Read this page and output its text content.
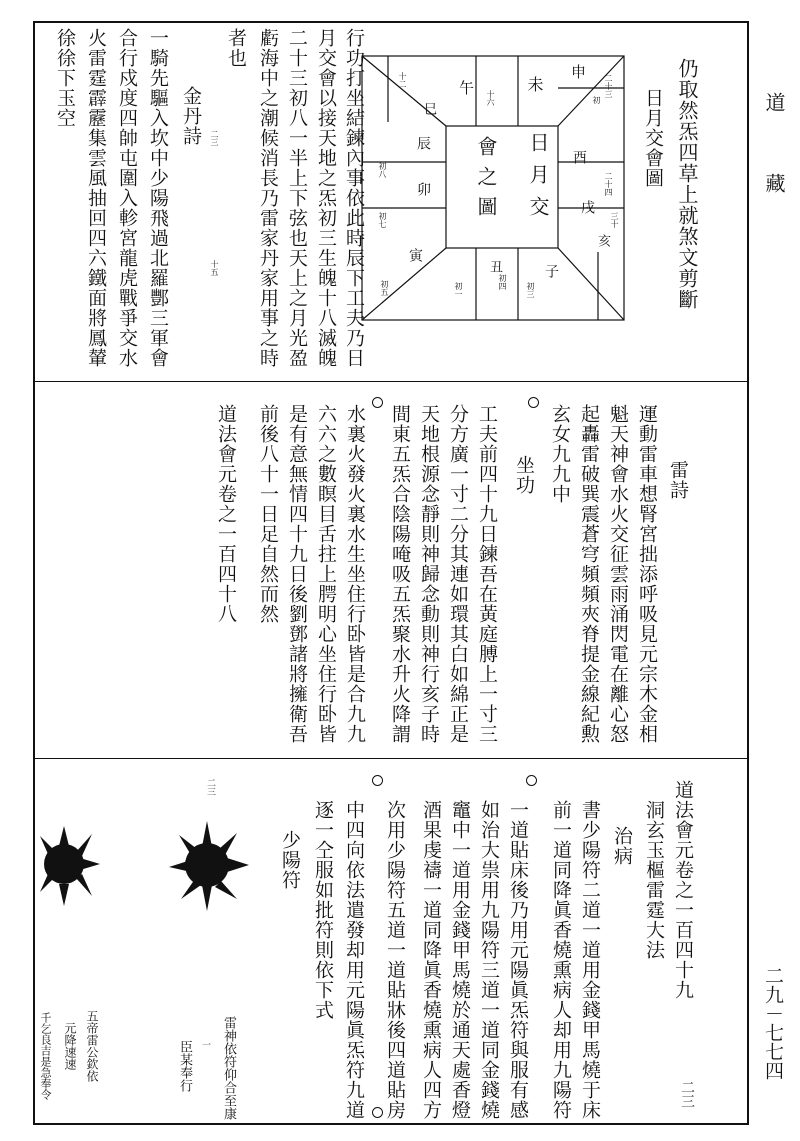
道
藏
二九－七七四
仍取然炁四草上就煞文剪斷
日月交會圖
日月交
會之圖
申
酉
戌
亥
子
丑
寅
卯
辰
巳
午	未	二十三
初
二十四
三十
初四
初五
初七
初八
十二
十六
初一	初三
行功打坐結鍊內事依此時辰下工夫乃日
月交會以接天地之炁初三生魄十八滅魄
二十三初八一半上下弦也天上之月光盈
虧海中之潮候消長乃雷家丹家用事之時
者也
金丹詩 二三
十五
一騎先驅入坎中少陽飛過北羅酆三軍會
合行戍度四帥屯圍入軫宮龍虎戰爭交水
火雷霆霹靂集雲風抽回四六鐵面將鳳輦
徐徐下玉空
雷詩
運動雷車想腎宮拙添呼吸見元宗木金相
魁天神會水火交征雲雨涌閃電在離心怒
起轟雷破巽震蒼穹頻頻夾脊提金線紀勲
玄女九九中
坐功
工夫前四十九日鍊吾在黃庭膊上一寸三
分方廣一寸二分其連如環其白如綿正是
天地根源念靜則神歸念動則神行亥子時
間東五炁合陰陽唵吸五炁聚水升火降謂
水裏火發火裏水生坐住行卧皆是合九九
六六之數瞑目舌拄上腭明心坐住行卧皆
是有意無情四十九日後劉鄧諸將擁衛吾
前後八十一日足自然而然
道法會元卷之一百四十八
道法會元卷之一百四十九
二三
洞玄玉樞雷霆大法
治病
書少陽符二道一道用金錢甲馬燒于床
前一道同降眞香燒熏病人却用九陽符
一道貼床後乃用元陽眞炁符與服有感
如治大祟用九陽符三道一道同金錢燒
竈中一道用金錢甲馬燒於通天處香燈
酒果虔禱一道同降眞香燒熏病人四方
次用少陽符五道一道貼牀後四道貼房
中四向依法遣發却用元陽眞炁符九道
逐一仝服如批符則依下式
少陽符
二三
雷神依符仰合至康
一
臣某奉行
五帝雷公欽依
元降速速
千乞良吉是急奉令
